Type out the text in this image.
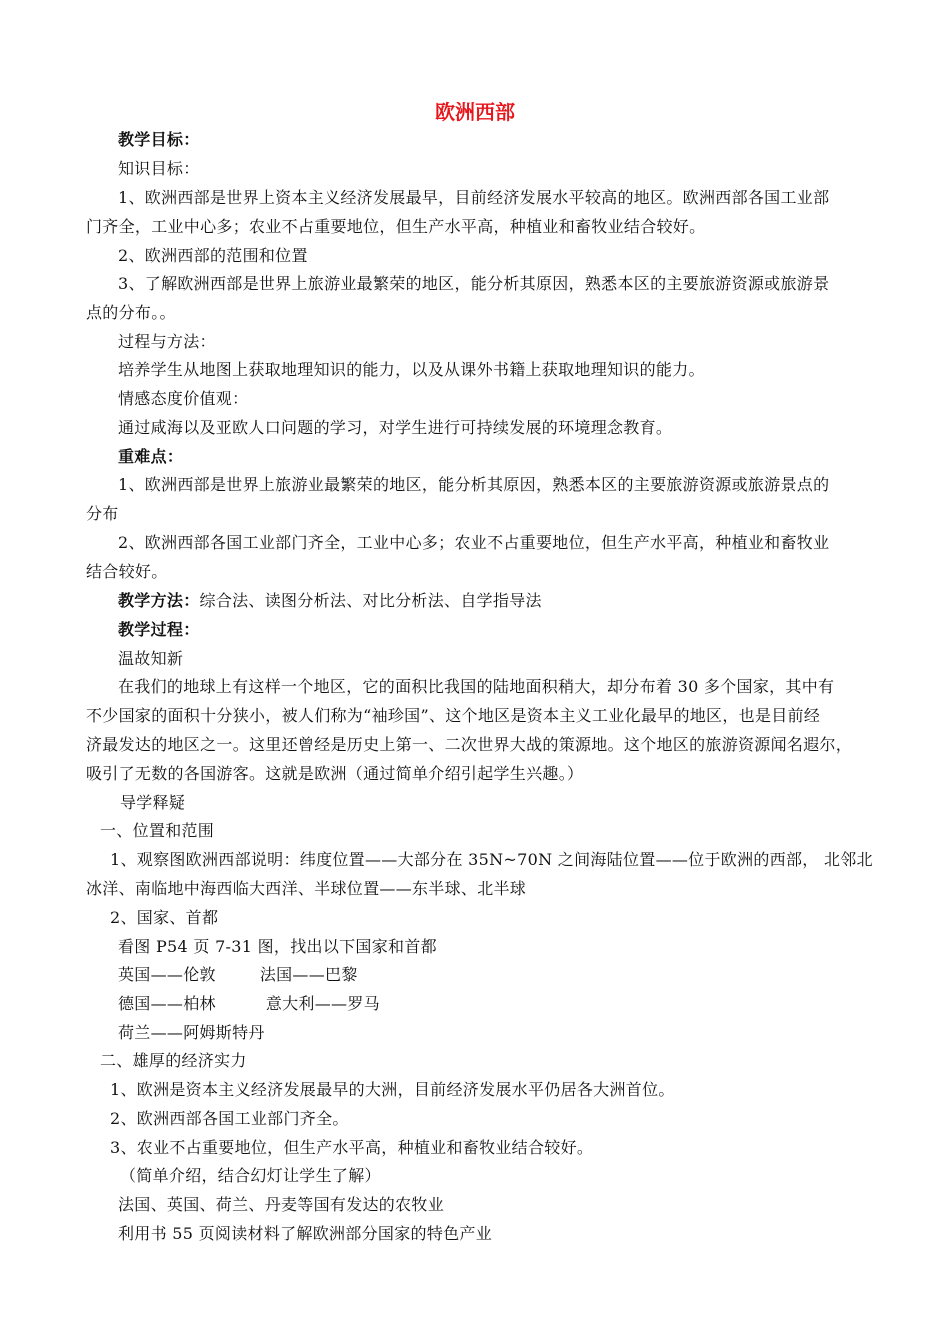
欧洲西部
教学目标：
知识目标：
1、欧洲西部是世界上资本主义经济发展最早，目前经济发展水平较高的地区。欧洲西部各国工业部
门齐全，工业中心多；农业不占重要地位，但生产水平高，种植业和畜牧业结合较好。
2、欧洲西部的范围和位置
3、了解欧洲西部是世界上旅游业最繁荣的地区，能分析其原因，熟悉本区的主要旅游资源或旅游景
点的分布。。
过程与方法：
培养学生从地图上获取地理知识的能力，以及从课外书籍上获取地理知识的能力。
情感态度价值观：
通过咸海以及亚欧人口问题的学习，对学生进行可持续发展的环境理念教育。
重难点：
1、欧洲西部是世界上旅游业最繁荣的地区，能分析其原因，熟悉本区的主要旅游资源或旅游景点的
分布
2、欧洲西部各国工业部门齐全，工业中心多；农业不占重要地位，但生产水平高，种植业和畜牧业
结合较好。
教学方法：综合法、读图分析法、对比分析法、自学指导法
教学过程：
温故知新
在我们的地球上有这样一个地区，它的面积比我国的陆地面积稍大，却分布着 30 多个国家，其中有
不少国家的面积十分狭小，被人们称为“袖珍国”、这个地区是资本主义工业化最早的地区，也是目前经
济最发达的地区之一。这里还曾经是历史上第一、二次世界大战的策源地。这个地区的旅游资源闻名遐尔，
吸引了无数的各国游客。这就是欧洲（通过简单介绍引起学生兴趣。）
导学释疑
一、位置和范围
1、观察图欧洲西部说明：纬度位置——大部分在 35N~70N 之间海陆位置——位于欧洲的西部， 北邻北
冰洋、南临地中海西临大西洋、半球位置——东半球、北半球
2、国家、首都
看图 P54 页 7-31 图，找出以下国家和首都
英国——伦敦	法国——巴黎
德国——柏林	意大利——罗马
荷兰——阿姆斯特丹
二、雄厚的经济实力
1、欧洲是资本主义经济发展最早的大洲，目前经济发展水平仍居各大洲首位。
2、欧洲西部各国工业部门齐全。
3、农业不占重要地位，但生产水平高，种植业和畜牧业结合较好。
（简单介绍，结合幻灯让学生了解）
法国、英国、荷兰、丹麦等国有发达的农牧业
利用书 55 页阅读材料了解欧洲部分国家的特色产业
